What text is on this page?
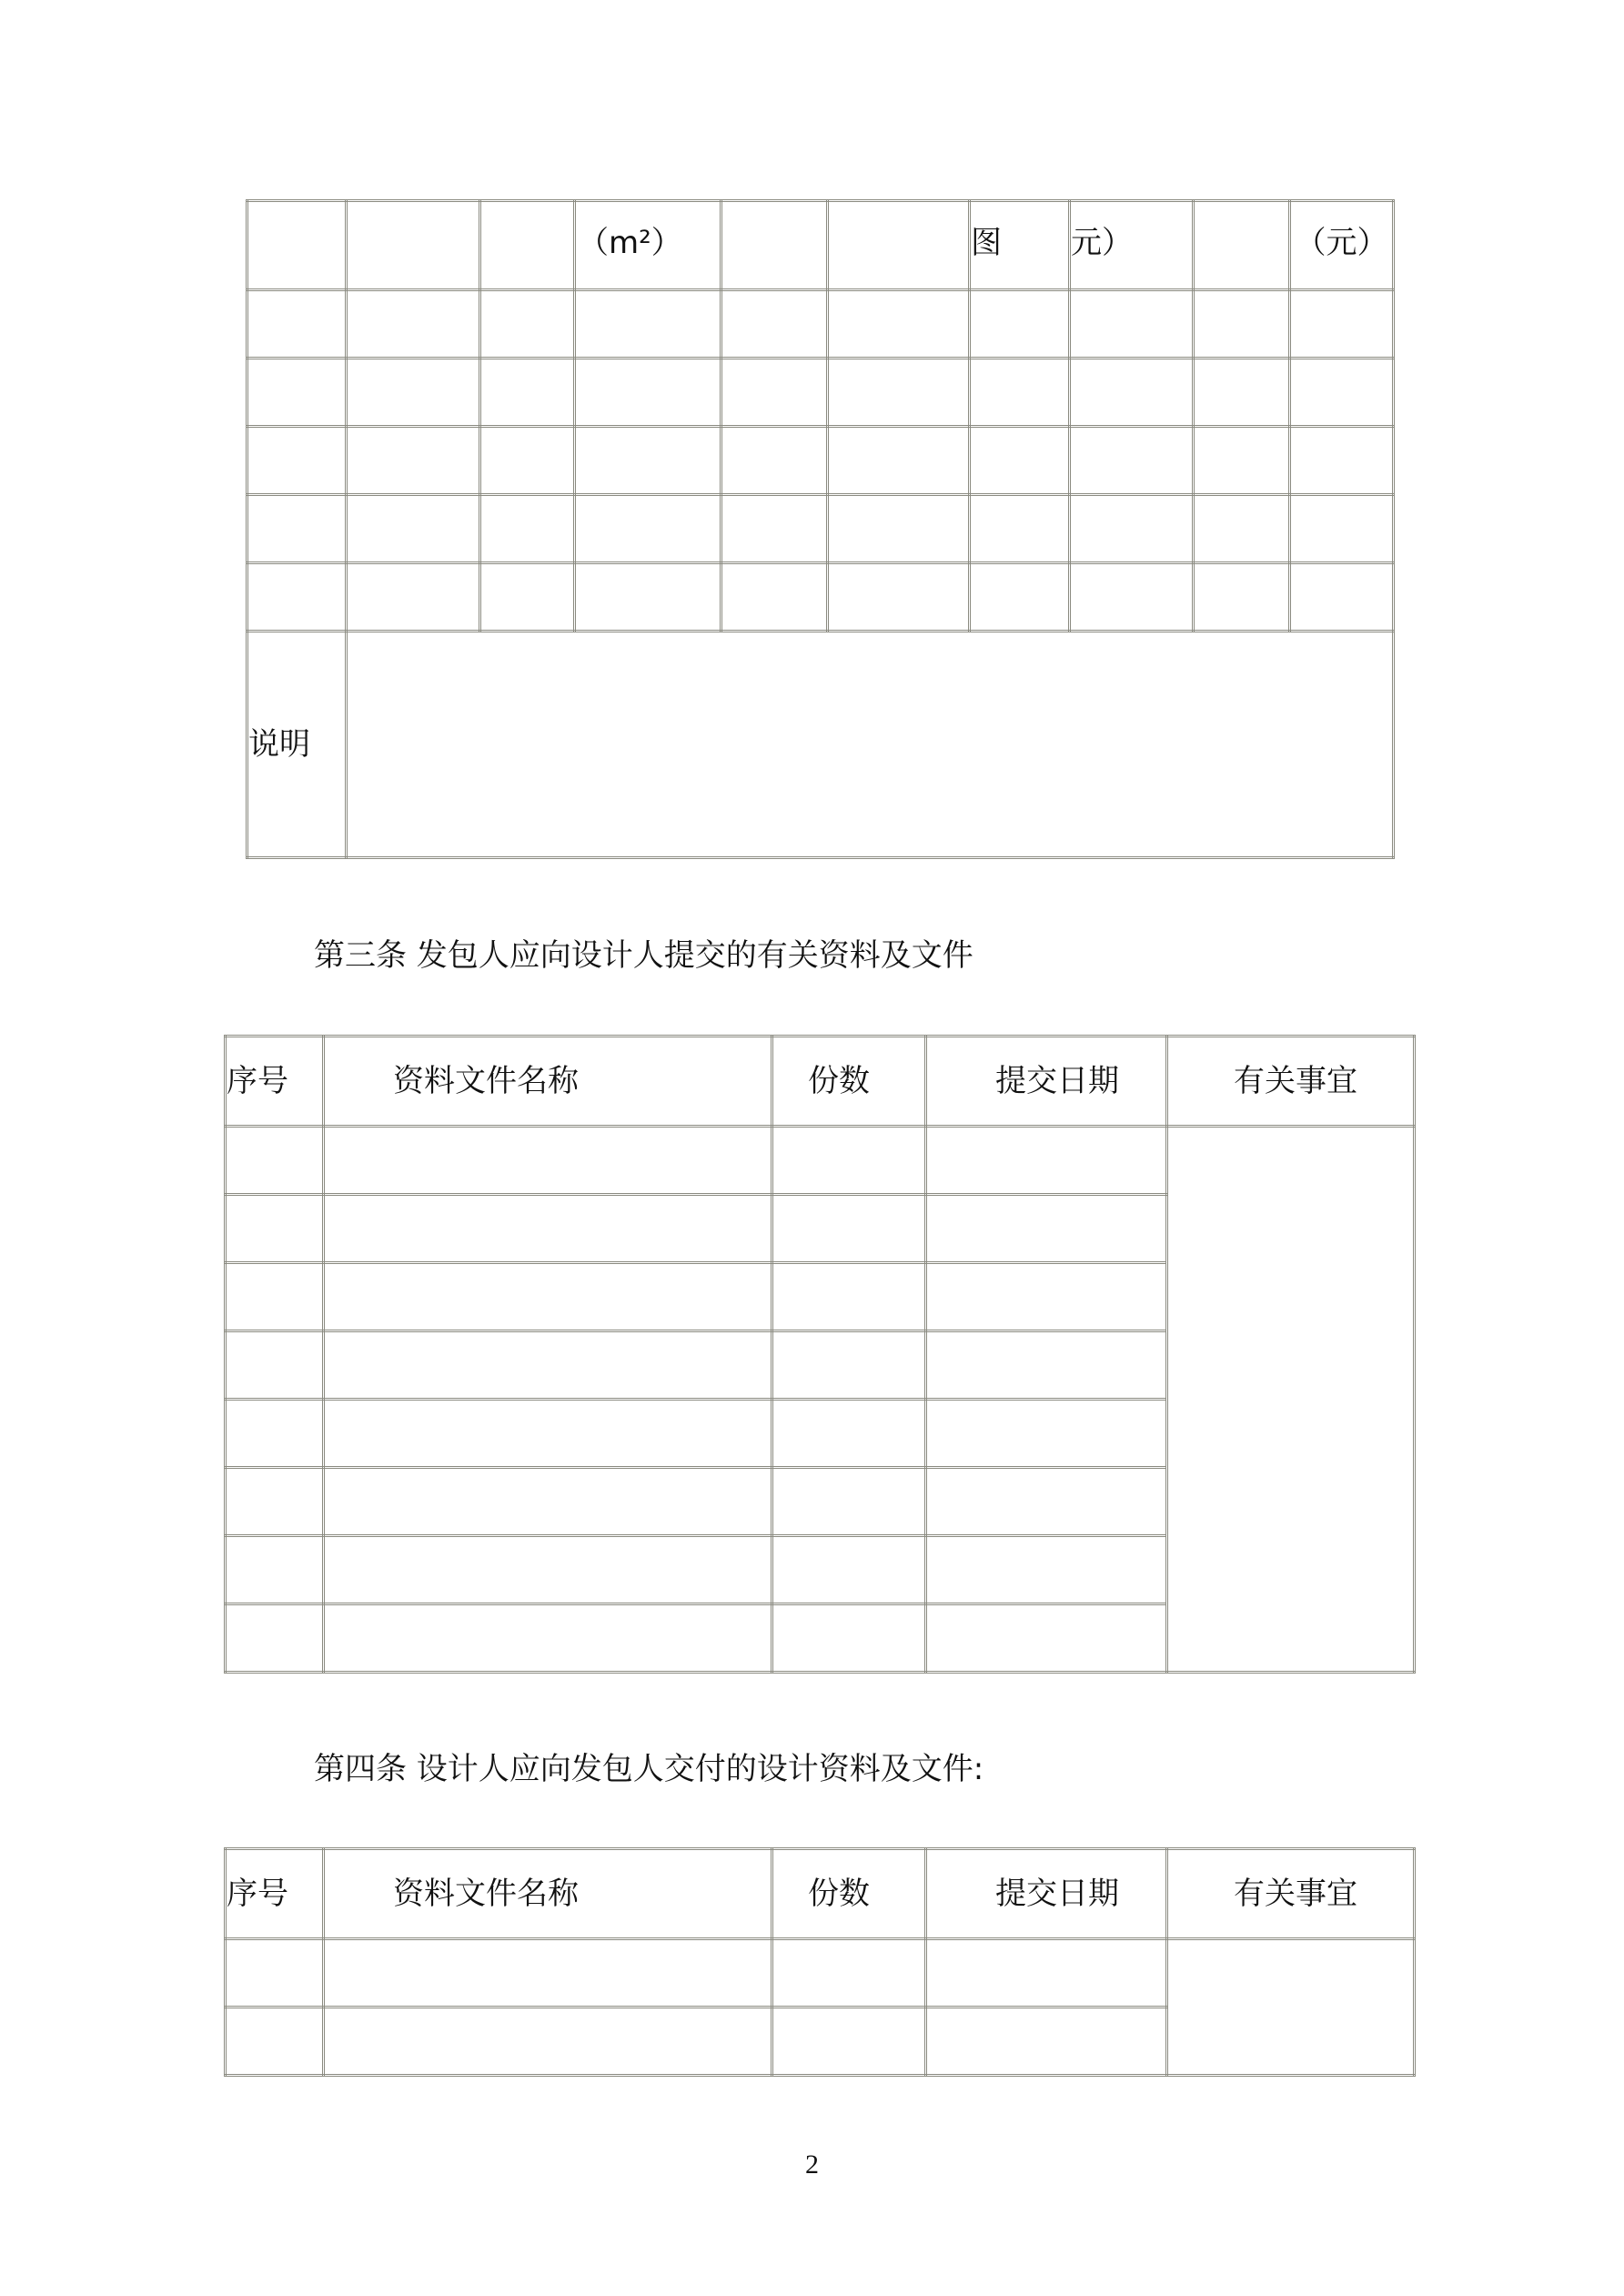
			（m²）			图	元）		（元）

说明									
第三条 发包人应向设计人提交的有关资料及文件
序号	资料文件名称	份数	提交日期	有关事宜

第四条 设计人应向发包人交付的设计资料及文件:
序号	资料文件名称	份数	提交日期	有关事宜

2
